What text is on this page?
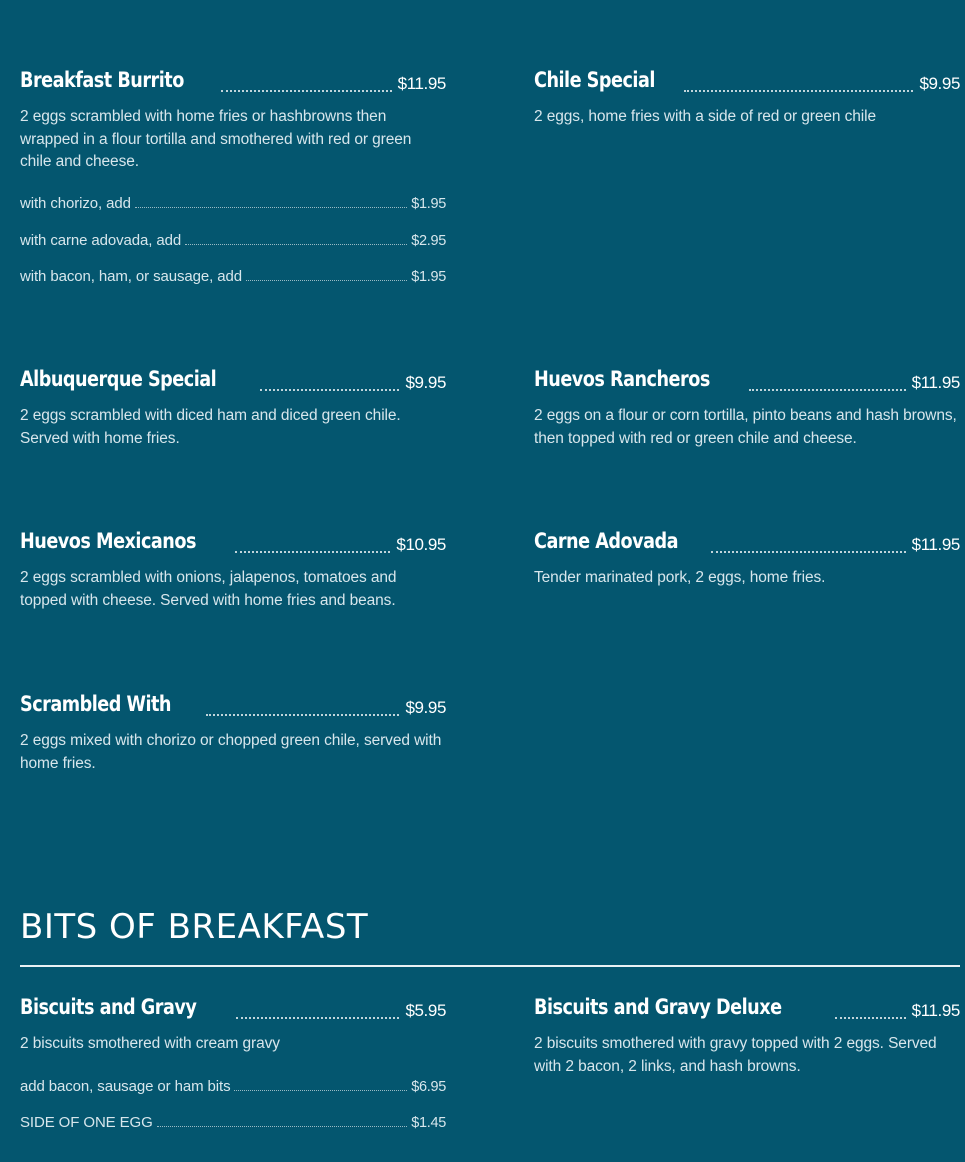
Breakfast Burrito	$11.95
2 eggs scrambled with home fries or hashbrowns then wrapped in a flour tortilla and smothered with red or green chile and cheese.
with chorizo, add	$1.95
with carne adovada, add	$2.95
with bacon, ham, or sausage, add	$1.95
Chile Special	$9.95
2 eggs, home fries with a side of red or green chile
Albuquerque Special	$9.95
2 eggs scrambled with diced ham and diced green chile. Served with home fries.
Huevos Rancheros	$11.95
2 eggs on a flour or corn tortilla, pinto beans and hash browns, then topped with red or green chile and cheese.
Huevos Mexicanos	$10.95
2 eggs scrambled with onions, jalapenos, tomatoes and topped with cheese. Served with home fries and beans.
Carne Adovada	$11.95
Tender marinated pork, 2 eggs, home fries.
Scrambled With	$9.95
2 eggs mixed with chorizo or chopped green chile, served with home fries.
BITS OF BREAKFAST
Biscuits and Gravy	$5.95
2 biscuits smothered with cream gravy
add bacon, sausage or ham bits	$6.95
SIDE OF ONE EGG	$1.45
Biscuits and Gravy Deluxe	$11.95
2 biscuits smothered with gravy topped with 2 eggs. Served with 2 bacon, 2 links, and hash browns.
